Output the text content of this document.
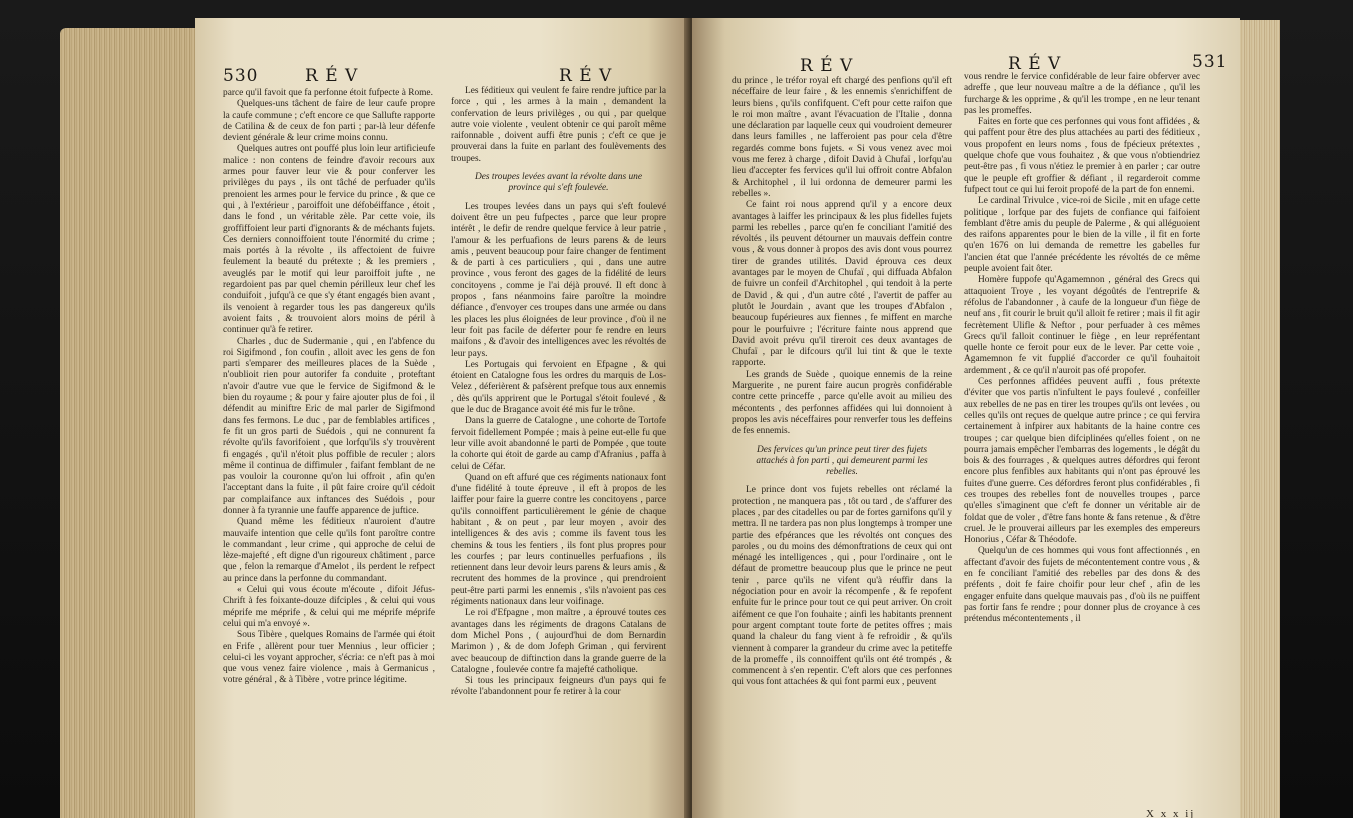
530	R É V	R É V

parce qu'il favoit que fa perfonne étoit fufpecte à Rome.

Quelques-uns tâchent de faire de leur caufe propre la caufe commune ; c'eft encore ce que Sallufte rapporte de Catilina & de ceux de fon parti ; par-là leur défenfe devient générale & leur crime moins connu.

Quelques autres ont pouffé plus loin leur artificieufe malice : non contens de feindre d'avoir recours aux armes pour fauver leur vie & pour conferver les privilèges du pays , ils ont tâché de perfuader qu'ils prenoient les armes pour le fervice du prince , & que ce qui , à l'extérieur , paroiffoit une défobéiffance , étoit , dans le fond , un véritable zèle. Par cette voie, ils groffiffoient leur parti d'ignorants & de méchants fujets. Ces derniers connoiffoient toute l'énormité du crime ; mais portés à la révolte , ils affectoient de fuivre feulement la beauté du prétexte ; & les premiers , aveuglés par le motif qui leur paroiffoit jufte , ne regardoient pas par quel chemin périlleux leur chef les conduifoit , jufqu'à ce que s'y étant engagés bien avant , ils venoient à regarder tous les pas dangereux qu'ils avoient faits , & trouvoient alors moins de péril à continuer qu'à fe retirer.

Charles , duc de Sudermanie , qui , en l'abfence du roi Sigifmond , fon coufin , alloit avec les gens de fon parti s'emparer des meilleures places de la Suède , n'oublioit rien pour autorifer fa conduite , proteftant n'avoir d'autre vue que le fervice de Sigifmond & le bien du royaume ; & pour y faire ajouter plus de foi , il défendit au miniftre Eric de mal parler de Sigifmond dans fes fermons. Le duc , par de femblables artifices , fe fit un gros parti de Suédois , qui ne connurent fa révolte qu'ils favorifoient , que lorfqu'ils s'y trouvèrent fi engagés , qu'il n'étoit plus poffible de reculer ; alors même il continua de diffimuler , faifant femblant de ne pas vouloir la couronne qu'on lui offroit , afin qu'en l'acceptant dans la fuite , il pût faire croire qu'il cédoit par complaifance aux inftances des Suédois , pour donner à fa tyrannie une fauffe apparence de juftice.

Quand même les féditieux n'auroient d'autre mauvaife intention que celle qu'ils font paroître contre le commandant , leur crime , qui approche de celui de lèze-majefté , eft digne d'un rigoureux châtiment , parce que , felon la remarque d'Amelot , ils perdent le refpect au prince dans la perfonne du commandant.

« Celui qui vous écoute m'écoute , difoit Jéfus-Chrift à fes foixante-douze difciples , & celui qui vous méprife me méprife , & celui qui me méprife méprife celui qui m'a envoyé ».

Sous Tibère , quelques Romains de l'armée qui étoit en Frife , allèrent pour tuer Mennius , leur officier ; celui-ci les voyant approcher, s'écria: ce n'eft pas à moi que vous venez faire violence , mais à Germanicus , votre général , & à Tibère , votre prince légitime.

Les féditieux qui veulent fe faire rendre juftice par la force , qui , les armes à la main , demandent la confervation de leurs privilèges , ou qui , par quelque autre voie violente , veulent obtenir ce qui paroît même raifonnable , doivent auffi être punis ; c'eft ce que je prouverai dans la fuite en parlant des foulèvements des troupes.

Des troupes levées avant la révolte dans une province qui s'eft foulevée.

Les troupes levées dans un pays qui s'eft foulevé doivent être un peu fufpectes , parce que leur propre intérêt , le defir de rendre quelque fervice à leur patrie , l'amour & les perfuafions de leurs parens & de leurs amis , peuvent beaucoup pour faire changer de fentiment & de parti à ces particuliers , qui , dans une autre province , vous feront des gages de la fidélité de leurs concitoyens , comme je l'ai déjà prouvé. Il eft donc à propos , fans néanmoins faire paroître la moindre défiance , d'envoyer ces troupes dans une armée ou dans les places les plus éloignées de leur province , d'où il ne leur foit pas facile de déferter pour fe rendre en leurs maifons , & d'avoir des intelligences avec les révoltés de leur pays.

Les Portugais qui fervoient en Efpagne , & qui étoient en Catalogne fous les ordres du marquis de Los-Velez , déferièrent & pafsèrent prefque tous aux ennemis , dès qu'ils apprirent que le Portugal s'étoit foulevé , & que le duc de Bragance avoit été mis fur le trône.

Dans la guerre de Catalogne , une cohorte de Tortofe fervoit fidellement Pompée ; mais à peine eut-elle fu que leur ville avoit abandonné le parti de Pompée , que toute la cohorte qui étoit de garde au camp d'Afranius , paffa à celui de Céfar.

Quand on eft affuré que ces régiments nationaux font d'une fidélité à toute épreuve , il eft à propos de les laiffer pour faire la guerre contre les concitoyens , parce qu'ils connoiffent particulièrement le génie de chaque habitant , & on peut , par leur moyen , avoir des intelligences & des avis ; comme ils favent tous les chemins & tous les fentiers , ils font plus propres pour les courfes ; par leurs continuelles perfuafions , ils retiennent dans leur devoir leurs parens & leurs amis , & recrutent des hommes de la province , qui prendroient peut-être parti parmi les ennemis , s'ils n'avoient pas ces régiments nationaux dans leur voifinage.

Le roi d'Efpagne , mon maître , a éprouvé toutes ces avantages dans les régiments de dragons Catalans de dom Michel Pons , ( aujourd'hui de dom Bernardin Marimon ) , & de dom Jofeph Griman , qui fervirent avec beaucoup de diftinction dans la grande guerre de la Catalogne , foulevée contre fa majefté catholique.

Si tous les principaux feigneurs d'un pays qui fe révolte l'abandonnent pour fe retirer à la cour

R É V	R É V	531

du prince , le tréfor royal eft chargé des penfions qu'il eft néceffaire de leur faire , & les ennemis s'enrichiffent de leurs biens , qu'ils confifquent. C'eft pour cette raifon que le roi mon maître , avant l'évacuation de l'Italie , donna une déclaration par laquelle ceux qui voudroient demeurer dans leurs familles , ne lafferoient pas pour cela d'être regardés comme bons fujets. « Si vous venez avec moi vous me ferez à charge , difoit David à Chufaï , lorfqu'au lieu d'accepter fes fervices qu'il lui offroit contre Abfalon & Architophel , il lui ordonna de demeurer parmi les rebelles ».

Ce faint roi nous apprend qu'il y a encore deux avantages à laiffer les principaux & les plus fidelles fujets parmi les rebelles , parce qu'en fe conciliant l'amitié des révoltés , ils peuvent détourner un mauvais deffein contre vous , & vous donner à propos des avis dont vous pourrez tirer de grandes utilités. David éprouva ces deux avantages par le moyen de Chufaï , qui diffuada Abfalon de fuivre un confeil d'Architophel , qui tendoit à la perte de David , & qui , d'un autre côté , l'avertit de paffer au plutôt le Jourdain , avant que les troupes d'Abfalon , beaucoup fupérieures aux fiennes , fe miffent en marche pour le pourfuivre ; l'écriture fainte nous apprend que David avoit prévu qu'il tireroit ces deux avantages de Chufaï , par le difcours qu'il lui tint & que le texte rapporte.

Les grands de Suède , quoique ennemis de la reine Marguerite , ne purent faire aucun progrès confidérable contre cette princeffe , parce qu'elle avoit au milieu des mécontents , des perfonnes affidées qui lui donnoient à propos les avis néceffaires pour renverfer tous les deffeins de fes ennemis.

Des fervices qu'un prince peut tirer des fujets attachés à fon parti , qui demeurent parmi les rebelles.

Le prince dont vos fujets rebelles ont réclamé la protection , ne manquera pas , tôt ou tard , de s'affurer des places , par des citadelles ou par de fortes garnifons qu'il y mettra. Il ne tardera pas non plus longtemps à tromper une partie des efpérances que les révoltés ont conçues des paroles , ou du moins des démonftrations de ceux qui ont ménagé les intelligences , qui , pour l'ordinaire , ont le défaut de promettre beaucoup plus que le prince ne peut tenir , parce qu'ils ne vifent qu'à réuffir dans la négociation pour en avoir la récompenfe , & fe repofent enfuite fur le prince pour tout ce qui peut arriver. On croit aifément ce que l'on fouhaite ; ainfi les habitants prennent pour argent comptant toute forte de petites offres ; mais quand la chaleur du fang vient à fe refroidir , & qu'ils viennent à comparer la grandeur du crime avec la petiteffe de la promeffe , ils connoiffent qu'ils ont été trompés , & commencent à s'en repentir. C'eft alors que ces perfonnes qui vous font attachées & qui font parmi eux , peuvent

vous rendre le fervice confidérable de leur faire obferver avec adreffe , que leur nouveau maître a de la défiance , qu'il les furcharge & les opprime , & qu'il les trompe , en ne leur tenant pas les promeffes.

Faites en forte que ces perfonnes qui vous font affidées , & qui paffent pour être des plus attachées au parti des féditieux , vous propofent en leurs noms , fous de fpécieux prétextes , quelque chofe que vous fouhaitez , & que vous n'obtiendriez peut-être pas , fi vous n'étiez le premier à en parler ; car outre que le peuple eft groffier & défiant , il regarderoit comme fufpect tout ce qui lui feroit propofé de la part de fon ennemi.

Le cardinal Trivulce , vice-roi de Sicile , mit en ufage cette politique , lorfque par des fujets de confiance qui faifoient femblant d'être amis du peuple de Palerme , & qui alléguoient des raifons apparentes pour le bien de la ville , il fit en forte qu'en 1676 on lui demanda de remettre les gabelles fur l'ancien état que l'année précédente les révoltés de ce même peuple avoient fait ôter.

Homère fuppofe qu'Agamemnon , général des Grecs qui attaquoient Troye , les voyant dégoûtés de l'entreprife & réfolus de l'abandonner , à caufe de la longueur d'un fiège de neuf ans , fit courir le bruit qu'il alloit fe retirer ; mais il fit agir fecrètement Ulifle & Neftor , pour perfuader à ces mêmes Grecs qu'il falloit continuer le fiège , en leur repréfentant quelle honte ce feroit pour eux de le lever. Par cette voie , Agamemnon fe vit fupplié d'accorder ce qu'il fouhaitoit ardemment , & ce qu'il n'auroit pas ofé propofer.

Ces perfonnes affidées peuvent auffi , fous prétexte d'éviter que vos partis n'infultent le pays foulevé , confeiller aux rebelles de ne pas en tirer les troupes qu'ils ont levées , ou celles qu'ils ont reçues de quelque autre prince ; ce qui fervira certainement à infpirer aux habitants de la haine contre ces troupes ; car quelque bien difciplinées qu'elles foient , on ne pourra jamais empêcher l'embarras des logements , le dégât du bois & des fourrages , & quelques autres défordres qui feront encore plus fenfibles aux habitants qui n'ont pas éprouvé les fuites d'une guerre. Ces défordres feront plus confidérables , fi ces troupes des rebelles font de nouvelles troupes , parce qu'elles s'imaginent que c'eft fe donner un véritable air de foldat que de voler , d'être fans honte & fans retenue , & d'être cruel. Je le prouverai ailleurs par les exemples des empereurs Honorius , Céfar & Théodofe.

Quelqu'un de ces hommes qui vous font affectionnés , en affectant d'avoir des fujets de mécontentement contre vous , & en fe conciliant l'amitié des rebelles par des dons & des préfents , doit fe faire choifir pour leur chef , afin de les engager enfuite dans quelque mauvais pas , d'où ils ne puiffent pas fortir fans fe rendre ; pour donner plus de croyance à ces prétendus mécontentements , il

X x x ij
